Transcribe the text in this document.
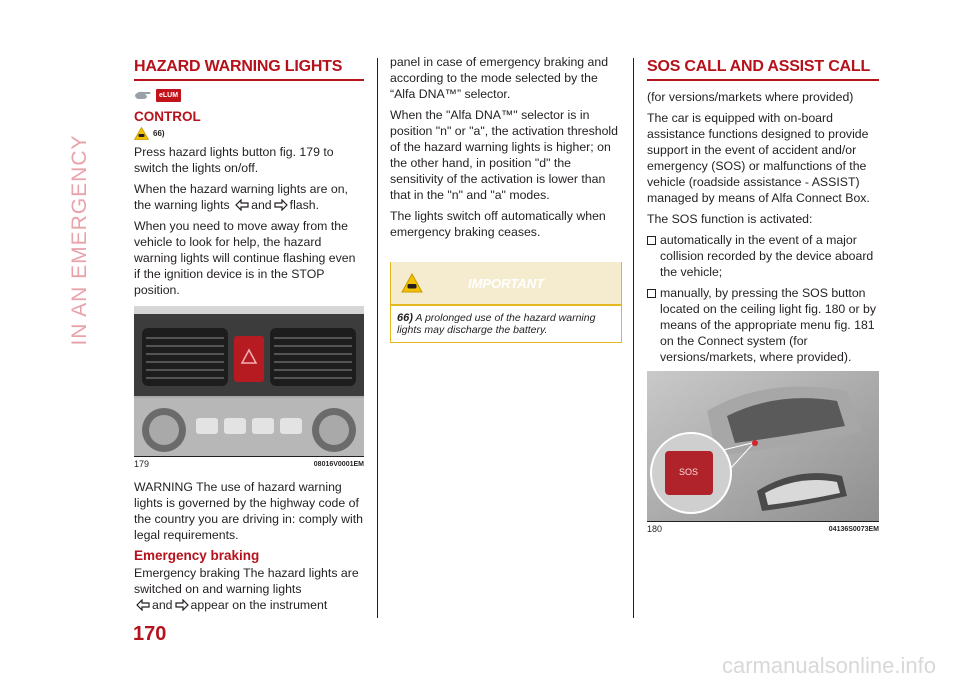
IN AN EMERGENCY
HAZARD WARNING LIGHTS
eLUM
CONTROL
66)

Press hazard lights button fig. 179 to switch the lights on/off.

When the hazard warning lights are on, the warning lights and flash.

When you need to move away from the vehicle to look for help, the hazard warning lights will continue flashing even if the ignition device is in the STOP position.

179	08016V0001EM

WARNING The use of hazard warning lights is governed by the highway code of the country you are driving in: comply with legal requirements.

Emergency braking

Emergency braking The hazard lights are switched on and warning lights
and appear on the instrument

panel in case of emergency braking and according to the mode selected by the “Alfa DNA™” selector.

When the "Alfa DNA™" selector is in position "n" or "a", the activation threshold of the hazard warning lights is higher; on the other hand, in position "d" the sensitivity of the activation is lower than that in the "n" and "a" modes.

The lights switch off automatically when emergency braking ceases.

IMPORTANT
66) A prolonged use of the hazard warning lights may discharge the battery.
SOS CALL AND ASSIST CALL

(for versions/markets where provided)

The car is equipped with on-board assistance functions designed to provide support in the event of accident and/or emergency (SOS) or malfunctions of the vehicle (roadside assistance - ASSIST) managed by means of Alfa Connect Box.

The SOS function is activated:

automatically in the event of a major collision recorded by the device aboard the vehicle;

manually, by pressing the SOS button located on the ceiling light fig. 180 or by means of the appropriate menu fig. 181 on the Connect system (for versions/markets, where provided).

SOS
180	04136S0073EM
170
carmanualsonline.info
